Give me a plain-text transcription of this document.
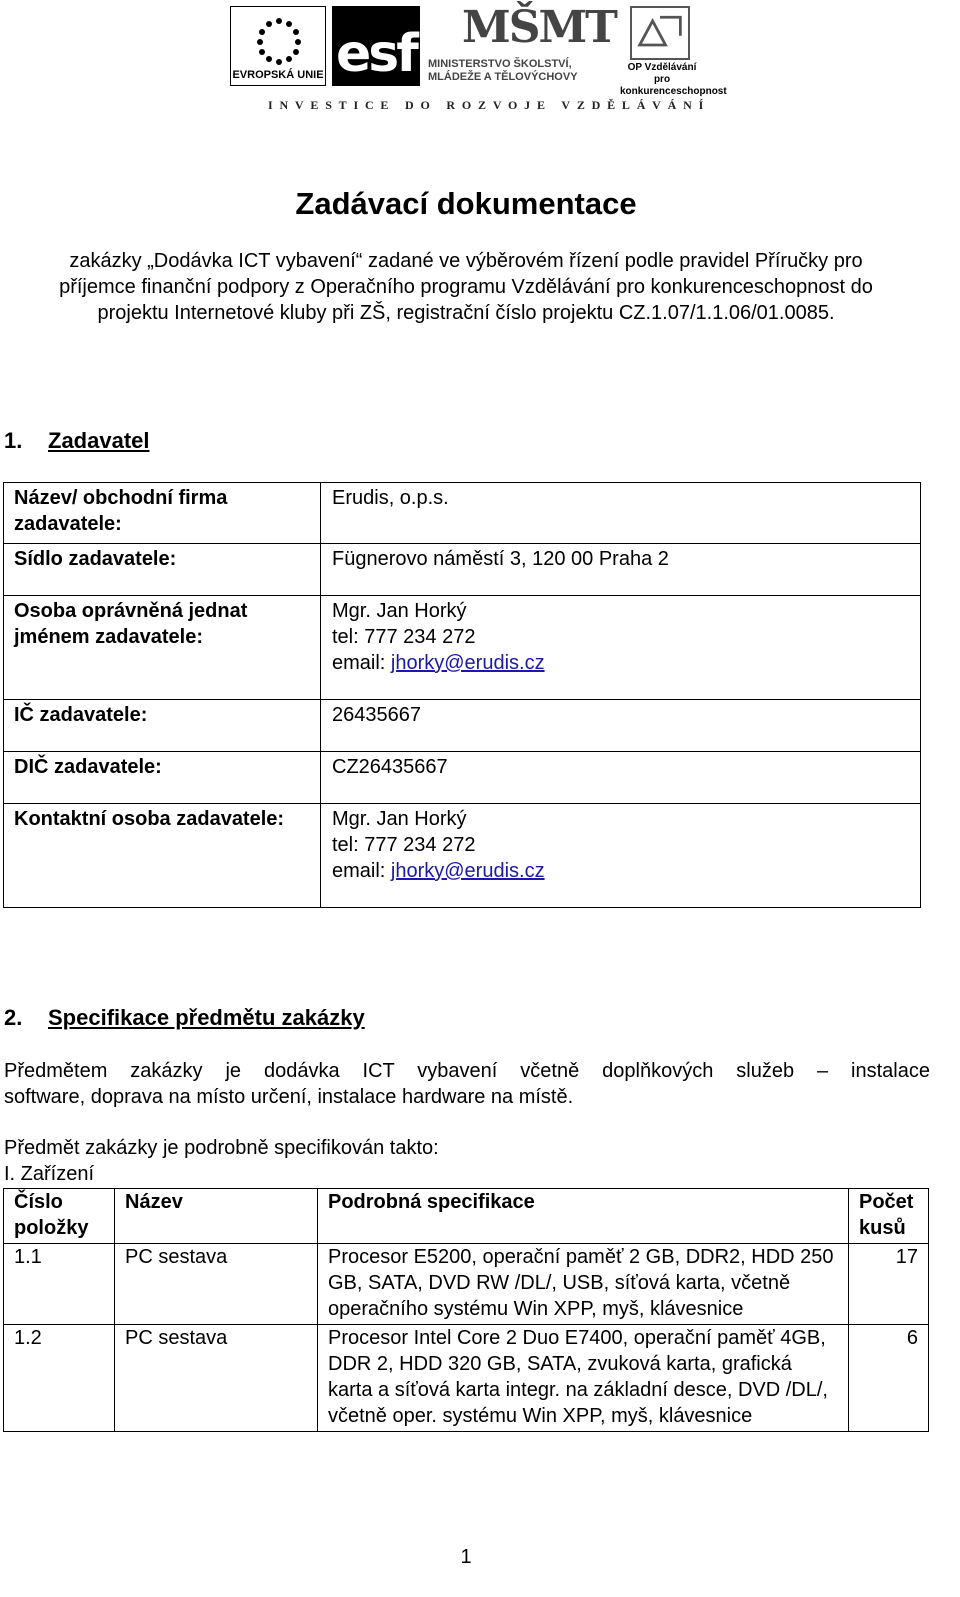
EVROPSKÁ UNIE esf MŠMT
MINISTERSTVO ŠKOLSTVÍ,
MLÁDEŽE A TĚLOVÝCHOVY
OP Vzdělávání
pro konkurenceschopnost
INVESTICE DO ROZVOJE VZDĚLÁVÁNÍ
Zadávací dokumentace
zakázky „Dodávka ICT vybavení“ zadané ve výběrovém řízení podle pravidel Příručky pro
příjemce finanční podpory z Operačního programu Vzdělávání pro konkurenceschopnost do
projektu Internetové kluby při ZŠ, registrační číslo projektu CZ.1.07/1.1.06/01.0085.
1. Zadavatel
Název/ obchodní firma zadavatele:	Erudis, o.p.s.
Sídlo zadavatele:	Fügnerovo náměstí 3, 120 00 Praha 2
Osoba oprávněná jednat jménem zadavatele:	Mgr. Jan Horký
tel: 777 234 272
email: jhorky@erudis.cz

IČ zadavatele:	26435667
DIČ zadavatele:	CZ26435667
Kontaktní osoba zadavatele:	Mgr. Jan Horký
tel: 777 234 272
email: jhorky@erudis.cz
2. Specifikace předmětu zakázky
Předmětem zakázky je dodávka ICT vybavení včetně doplňkových služeb – instalace
software, doprava na místo určení, instalace hardware na místě.
Předmět zakázky je podrobně specifikován takto:
I. Zařízení
Číslo položky	Název	Podrobná specifikace	Počet kusů
1.1	PC sestava	Procesor E5200, operační paměť 2 GB, DDR2, HDD 250 GB, SATA, DVD RW /DL/, USB, síťová karta, včetně operačního systému Win XPP, myš, klávesnice	17
1.2	PC sestava	Procesor Intel Core 2 Duo E7400, operační paměť 4GB, DDR 2, HDD 320 GB, SATA, zvuková karta, grafická karta a síťová karta integr. na základní desce, DVD /DL/, včetně oper. systému Win XPP, myš, klávesnice	6
1
